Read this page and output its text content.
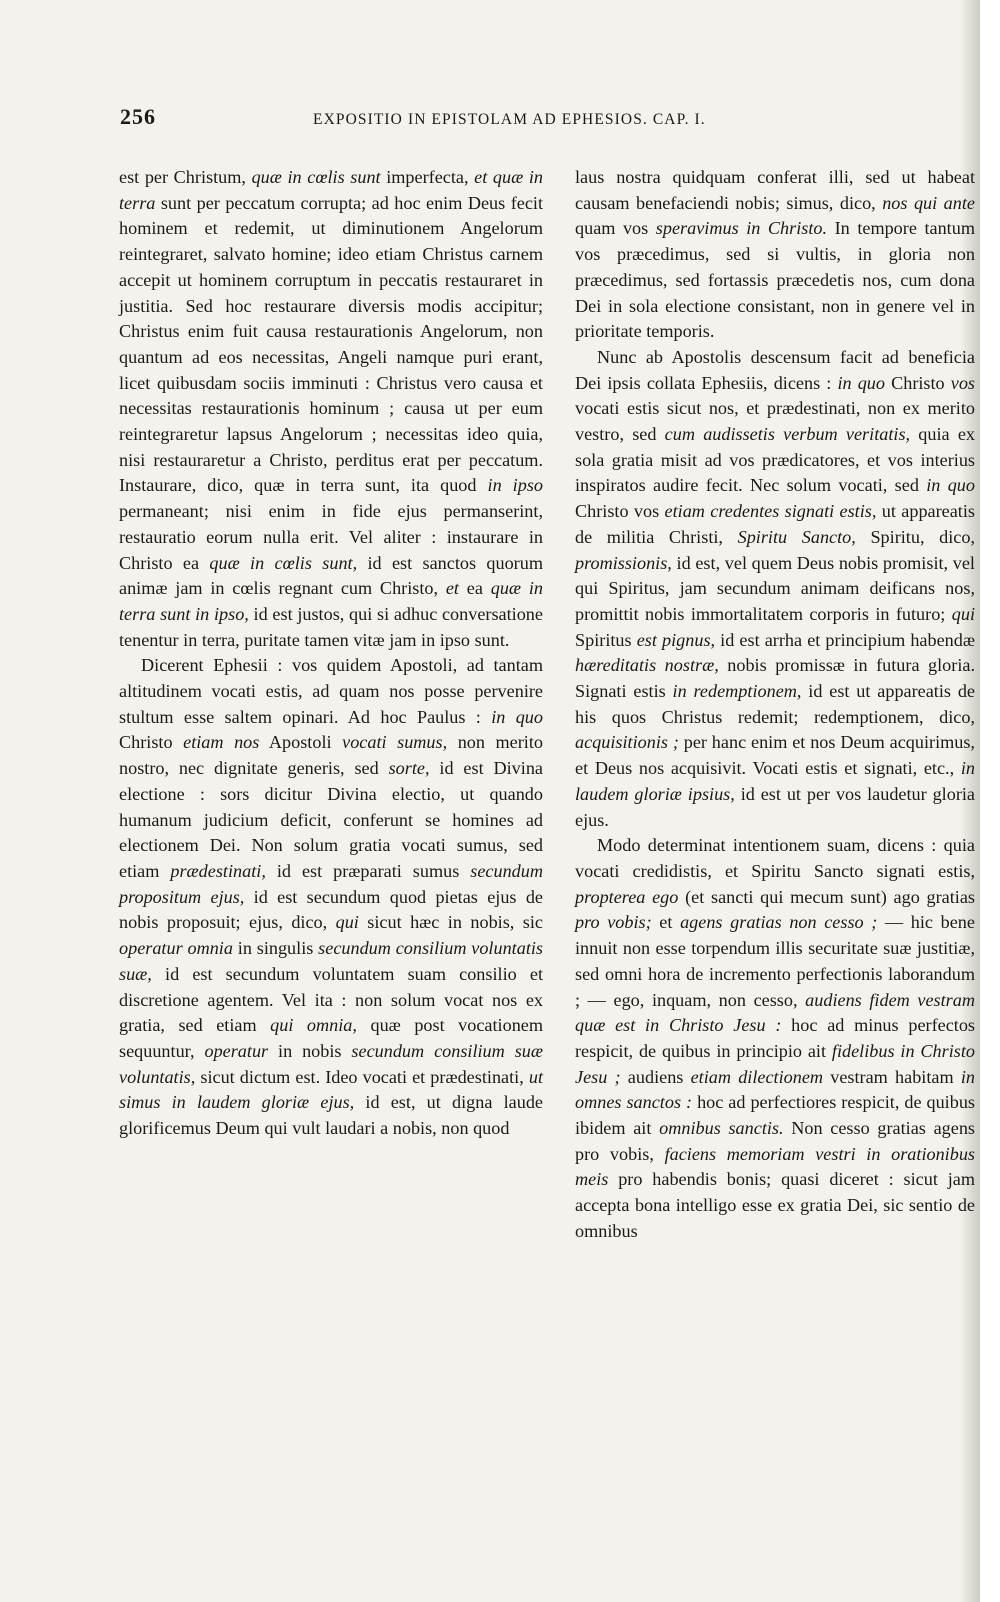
256	EXPOSITIO IN EPISTOLAM AD EPHESIOS. CAP. I.

est per Christum, quæ in cœlis sunt imperfecta, et quæ in terra sunt per peccatum corrupta; ad hoc enim Deus fecit hominem et redemit, ut diminutionem Angelorum reintegraret, salvato homine; ideo etiam Christus carnem accepit ut hominem corruptum in peccatis restauraret in justitia. Sed hoc restaurare diversis modis accipitur; Christus enim fuit causa restaurationis Angelorum, non quantum ad eos necessitas, Angeli namque puri erant, licet quibusdam sociis imminuti : Christus vero causa et necessitas restaurationis hominum ; causa ut per eum reintegraretur lapsus Angelorum ; necessitas ideo quia, nisi restauraretur a Christo, perditus erat per peccatum. Instaurare, dico, quæ in terra sunt, ita quod in ipso permaneant; nisi enim in fide ejus permanserint, restauratio eorum nulla erit. Vel aliter : instaurare in Christo ea quæ in cœlis sunt, id est sanctos quorum animæ jam in cœlis regnant cum Christo, et ea quæ in terra sunt in ipso, id est justos, qui si adhuc conversatione tenentur in terra, puritate tamen vitæ jam in ipso sunt.

Dicerent Ephesii : vos quidem Apostoli, ad tantam altitudinem vocati estis, ad quam nos posse pervenire stultum esse saltem opinari. Ad hoc Paulus : in quo Christo etiam nos Apostoli vocati sumus, non merito nostro, nec dignitate generis, sed sorte, id est Divina electione : sors dicitur Divina electio, ut quando humanum judicium deficit, conferunt se homines ad electionem Dei. Non solum gratia vocati sumus, sed etiam prædestinati, id est præparati sumus secundum propositum ejus, id est secundum quod pietas ejus de nobis proposuit; ejus, dico, qui sicut hæc in nobis, sic operatur omnia in singulis secundum consilium voluntatis suæ, id est secundum voluntatem suam consilio et discretione agentem. Vel ita : non solum vocat nos ex gratia, sed etiam qui omnia, quæ post vocationem sequuntur, operatur in nobis secundum consilium suæ voluntatis, sicut dictum est. Ideo vocati et prædestinati, ut simus in laudem gloriæ ejus, id est, ut digna laude glorificemus Deum qui vult laudari a nobis, non quod

laus nostra quidquam conferat illi, sed ut habeat causam benefaciendi nobis; simus, dico, nos qui ante quam vos speravimus in Christo. In tempore tantum vos præcedimus, sed si vultis, in gloria non præcedimus, sed fortassis præcedetis nos, cum dona Dei in sola electione consistant, non in genere vel in prioritate temporis.

Nunc ab Apostolis descensum facit ad beneficia Dei ipsis collata Ephesiis, dicens : in quo Christo vos vocati estis sicut nos, et prædestinati, non ex merito vestro, sed cum audissetis verbum veritatis, quia ex sola gratia misit ad vos prædicatores, et vos interius inspiratos audire fecit. Nec solum vocati, sed in quo Christo vos etiam credentes signati estis, ut appareatis de militia Christi, Spiritu Sancto, Spiritu, dico, promissionis, id est, vel quem Deus nobis promisit, vel qui Spiritus, jam secundum animam deificans nos, promittit nobis immortalitatem corporis in futuro; qui Spiritus est pignus, id est arrha et principium habendæ hæreditatis nostræ, nobis promissæ in futura gloria. Signati estis in redemptionem, id est ut appareatis de his quos Christus redemit; redemptionem, dico, acquisitionis ; per hanc enim et nos Deum acquirimus, et Deus nos acquisivit. Vocati estis et signati, etc., in laudem gloriæ ipsius, id est ut per vos laudetur gloria ejus.

Modo determinat intentionem suam, dicens : quia vocati credidistis, et Spiritu Sancto signati estis, propterea ego (et sancti qui mecum sunt) ago gratias pro vobis; et agens gratias non cesso ; — hic bene innuit non esse torpendum illis securitate suæ justitiæ, sed omni hora de incremento perfectionis laborandum ; — ego, inquam, non cesso, audiens fidem vestram quæ est in Christo Jesu : hoc ad minus perfectos respicit, de quibus in principio ait fidelibus in Christo Jesu ; audiens etiam dilectionem vestram habitam in omnes sanctos : hoc ad perfectiores respicit, de quibus ibidem ait omnibus sanctis. Non cesso gratias agens pro vobis, faciens memoriam vestri in orationibus meis pro habendis bonis; quasi diceret : sicut jam accepta bona intelligo esse ex gratia Dei, sic sentio de omnibus
